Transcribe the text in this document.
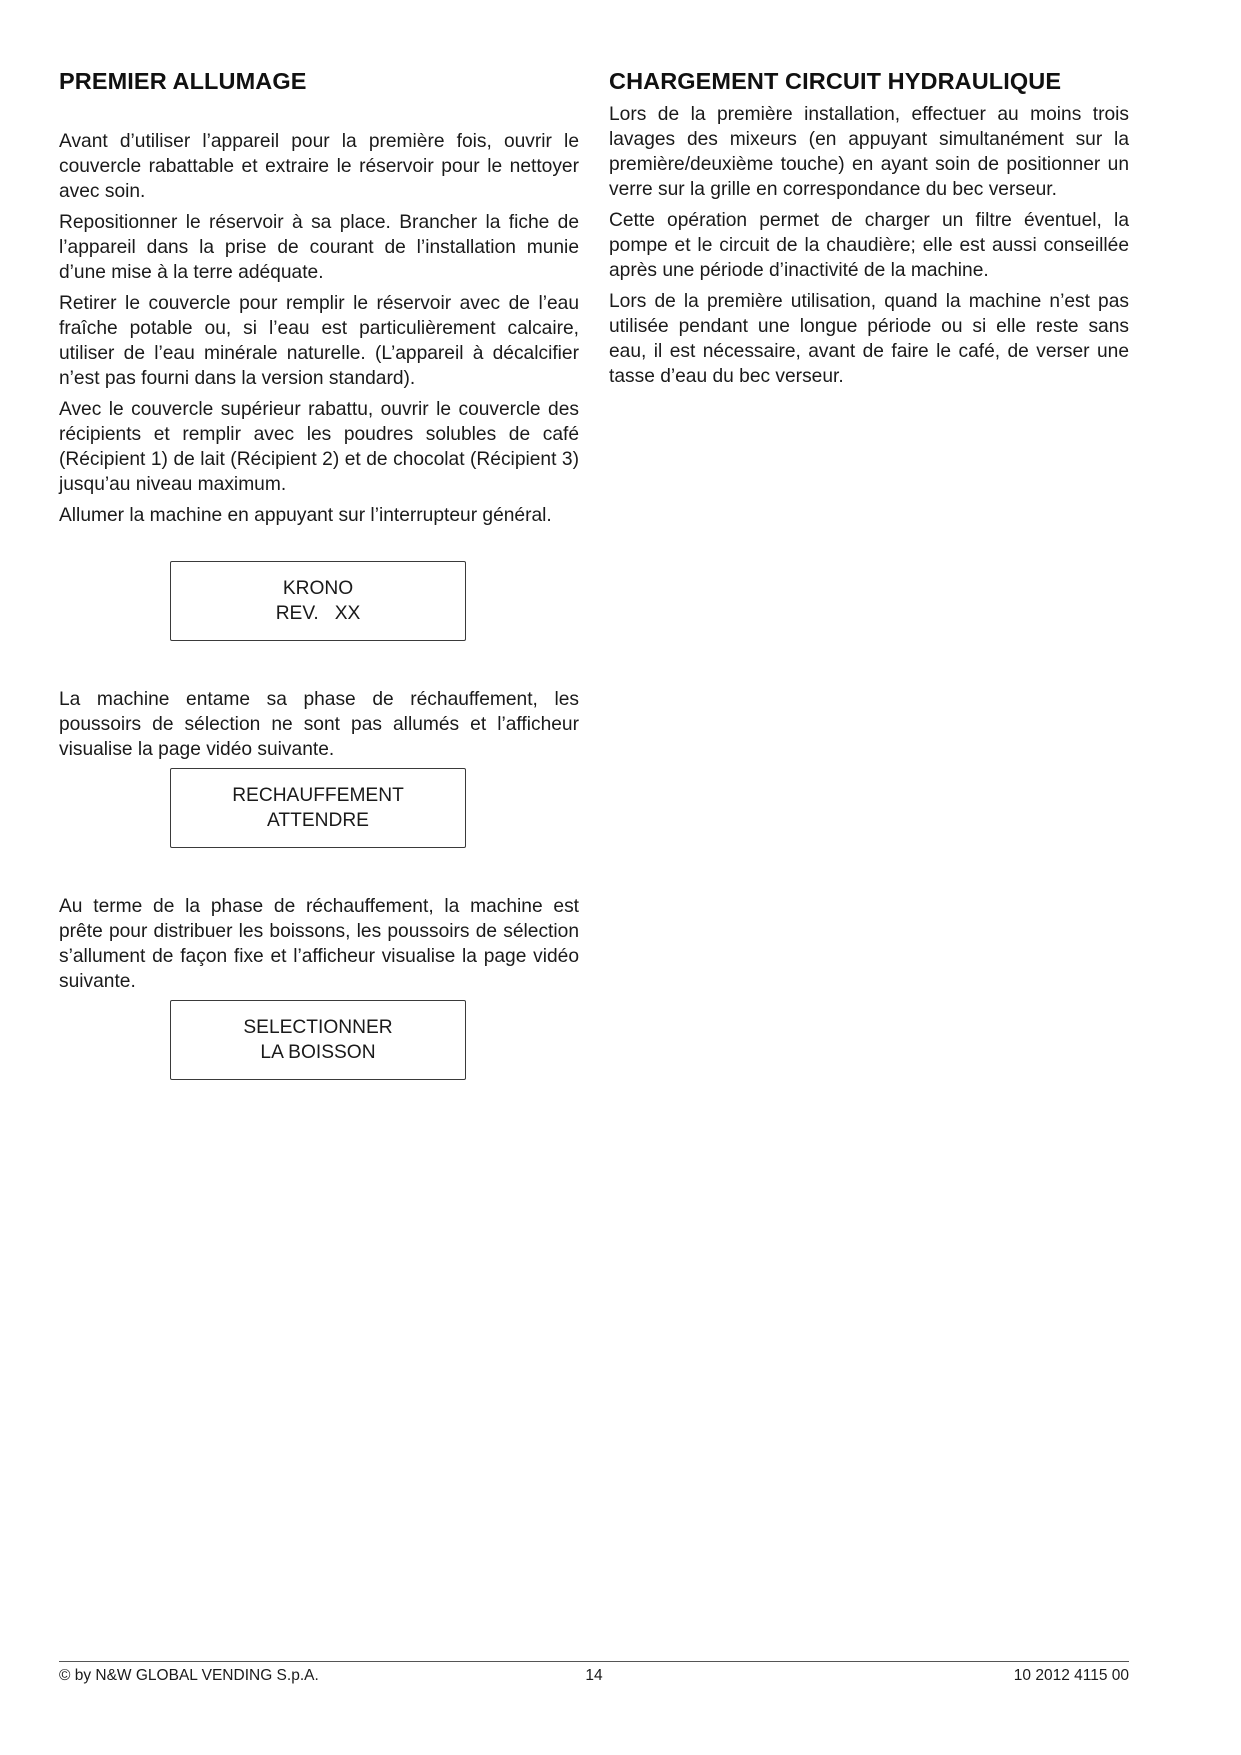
PREMIER ALLUMAGE

Avant d’utiliser l’appareil pour la première fois, ouvrir le couvercle rabattable et extraire le réservoir pour le nettoyer avec soin.

Repositionner le réservoir à sa place. Brancher la fiche de l’appareil dans la prise de courant de l’installation munie d’une mise à la terre adéquate.

Retirer le couvercle pour remplir le réservoir avec de l’eau fraîche potable ou, si l’eau est particulièrement calcaire, utiliser de l’eau minérale naturelle. (L’appareil à décalcifier n’est pas fourni dans la version standard).

Avec le couvercle supérieur rabattu, ouvrir le couvercle des récipients et remplir avec les poudres solubles de café (Récipient 1) de lait (Récipient 2) et de chocolat (Récipient 3) jusqu’au niveau maximum.

Allumer la machine en appuyant sur l’interrupteur général.

KRONO
REV.   XX

La machine entame sa phase de réchauffement, les poussoirs de sélection ne sont pas allumés et l’afficheur visualise la page vidéo suivante.

RECHAUFFEMENT
ATTENDRE

Au terme de la phase de réchauffement, la machine est prête pour distribuer les boissons, les poussoirs de sélection s’allument de façon fixe et l’afficheur visualise la page vidéo suivante.

SELECTIONNER
LA BOISSON
CHARGEMENT CIRCUIT HYDRAULIQUE

Lors de la première installation, effectuer au moins trois lavages des mixeurs (en appuyant simultanément sur la première/deuxième touche) en ayant soin de positionner un verre sur la grille en correspondance du bec verseur.

Cette opération permet de charger un filtre éventuel, la pompe et le circuit de la chaudière; elle est aussi conseillée après une période d’inactivité de la machine.

Lors de la première utilisation, quand la machine n’est pas utilisée pendant une longue période ou si elle reste sans eau, il est nécessaire, avant de faire le café, de verser une tasse d’eau du bec verseur.

© by N&W GLOBAL VENDING S.p.A.	14	10 2012 4115 00
